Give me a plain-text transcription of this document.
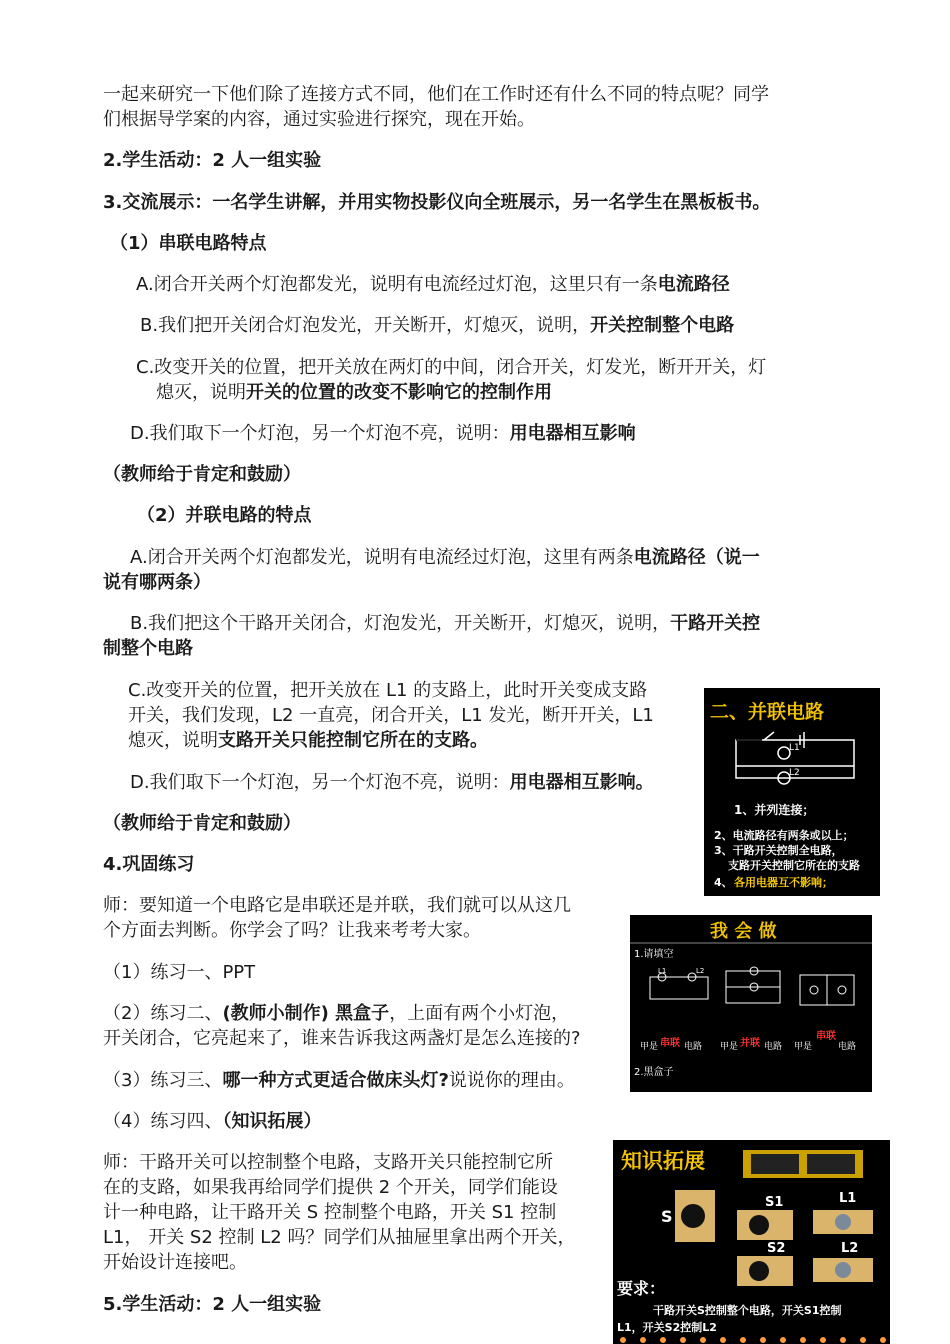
一起来研究一下他们除了连接方式不同，他们在工作时还有什么不同的特点呢？同学

们根据导学案的内容，通过实验进行探究，现在开始。

2.学生活动：2 人一组实验

3.交流展示：一名学生讲解，并用实物投影仪向全班展示，另一名学生在黑板板书。

（1）串联电路特点

A.闭合开关两个灯泡都发光，说明有电流经过灯泡，这里只有一条电流路径

B.我们把开关闭合灯泡发光，开关断开，灯熄灭，说明，开关控制整个电路

C.改变开关的位置，把开关放在两灯的中间，闭合开关，灯发光，断开开关，灯

熄灭，说明开关的位置的改变不影响它的控制作用

D.我们取下一个灯泡，另一个灯泡不亮，说明：用电器相互影响

（教师给于肯定和鼓励）

（2）并联电路的特点

A.闭合开关两个灯泡都发光，说明有电流经过灯泡，这里有两条电流路径（说一

说有哪两条）

B.我们把这个干路开关闭合，灯泡发光，开关断开，灯熄灭，说明，干路开关控

制整个电路

C.改变开关的位置，把开关放在 L1 的支路上，此时开关变成支路

开关，我们发现，L2 一直亮，闭合开关，L1 发光，断开开关，L1

熄灭，说明支路开关只能控制它所在的支路。

D.我们取下一个灯泡，另一个灯泡不亮，说明：用电器相互影响。

（教师给于肯定和鼓励）

4.巩固练习

师：要知道一个电路它是串联还是并联，我们就可以从这几

个方面去判断。你学会了吗？让我来考考大家。

（1）练习一、PPT

（2）练习二、(教师小制作) 黑盒子，上面有两个小灯泡，

开关闭合，它亮起来了，谁来告诉我这两盏灯是怎么连接的?

（3）练习三、哪一种方式更适合做床头灯?说说你的理由。

（4）练习四、（知识拓展）

师：干路开关可以控制整个电路，支路开关只能控制它所

在的支路，如果我再给同学们提供 2 个开关，同学们能设

计一种电路，让干路开关 S 控制整个电路，开关 S1 控制

L1， 开关 S2 控制 L2 吗？同学们从抽屉里拿出两个开关，

开始设计连接吧。

5.学生活动：2 人一组实验

二、并联电路
L1
L2
1、并列连接；
2、电流路径有两条或以上；
3、干路开关控制全电路，
支路开关控制它所在的支路
4、 各用电器互不影响；
我 会 做
1.请填空
L1	L2
甲是 串联 电路 甲是 并联 电路 甲是
串联
电路
2.黑盒子
知识拓展
S
S1	L1
S2	L2
要求：
干路开关S控制整个电路，开关S1控制
L1，开关S2控制L2
